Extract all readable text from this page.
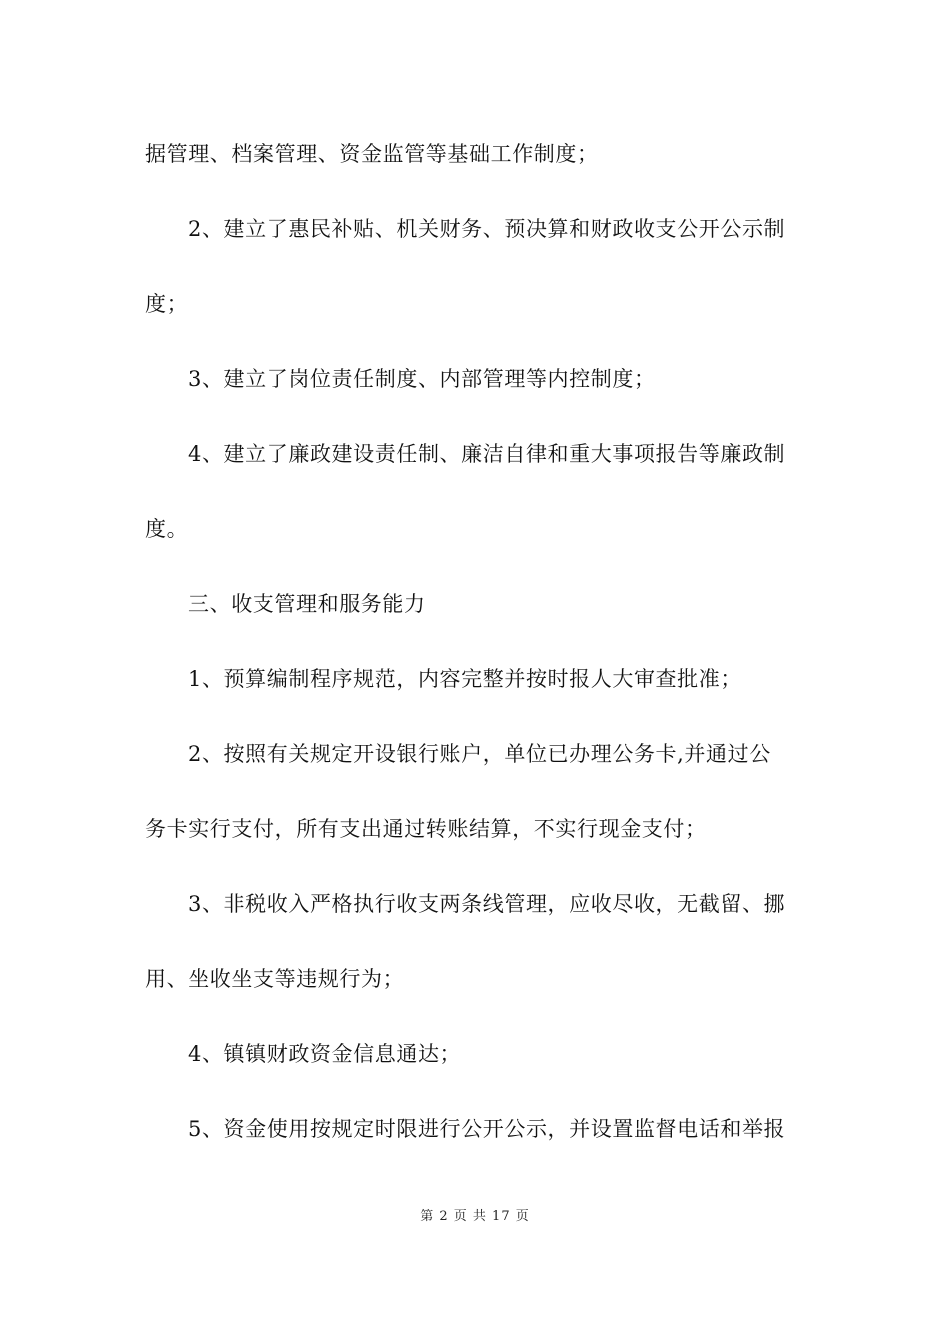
据管理、档案管理、资金监管等基础工作制度；
2、建立了惠民补贴、机关财务、预决算和财政收支公开公示制
度；
3、建立了岗位责任制度、内部管理等内控制度；
4、建立了廉政建设责任制、廉洁自律和重大事项报告等廉政制
度。
三、收支管理和服务能力
1、预算编制程序规范，内容完整并按时报人大审查批准；
2、按照有关规定开设银行账户，单位已办理公务卡,并通过公
务卡实行支付，所有支出通过转账结算，不实行现金支付；
3、非税收入严格执行收支两条线管理，应收尽收，无截留、挪
用、坐收坐支等违规行为；
4、镇镇财政资金信息通达；
5、资金使用按规定时限进行公开公示，并设置监督电话和举报
第 2 页 共 17 页
